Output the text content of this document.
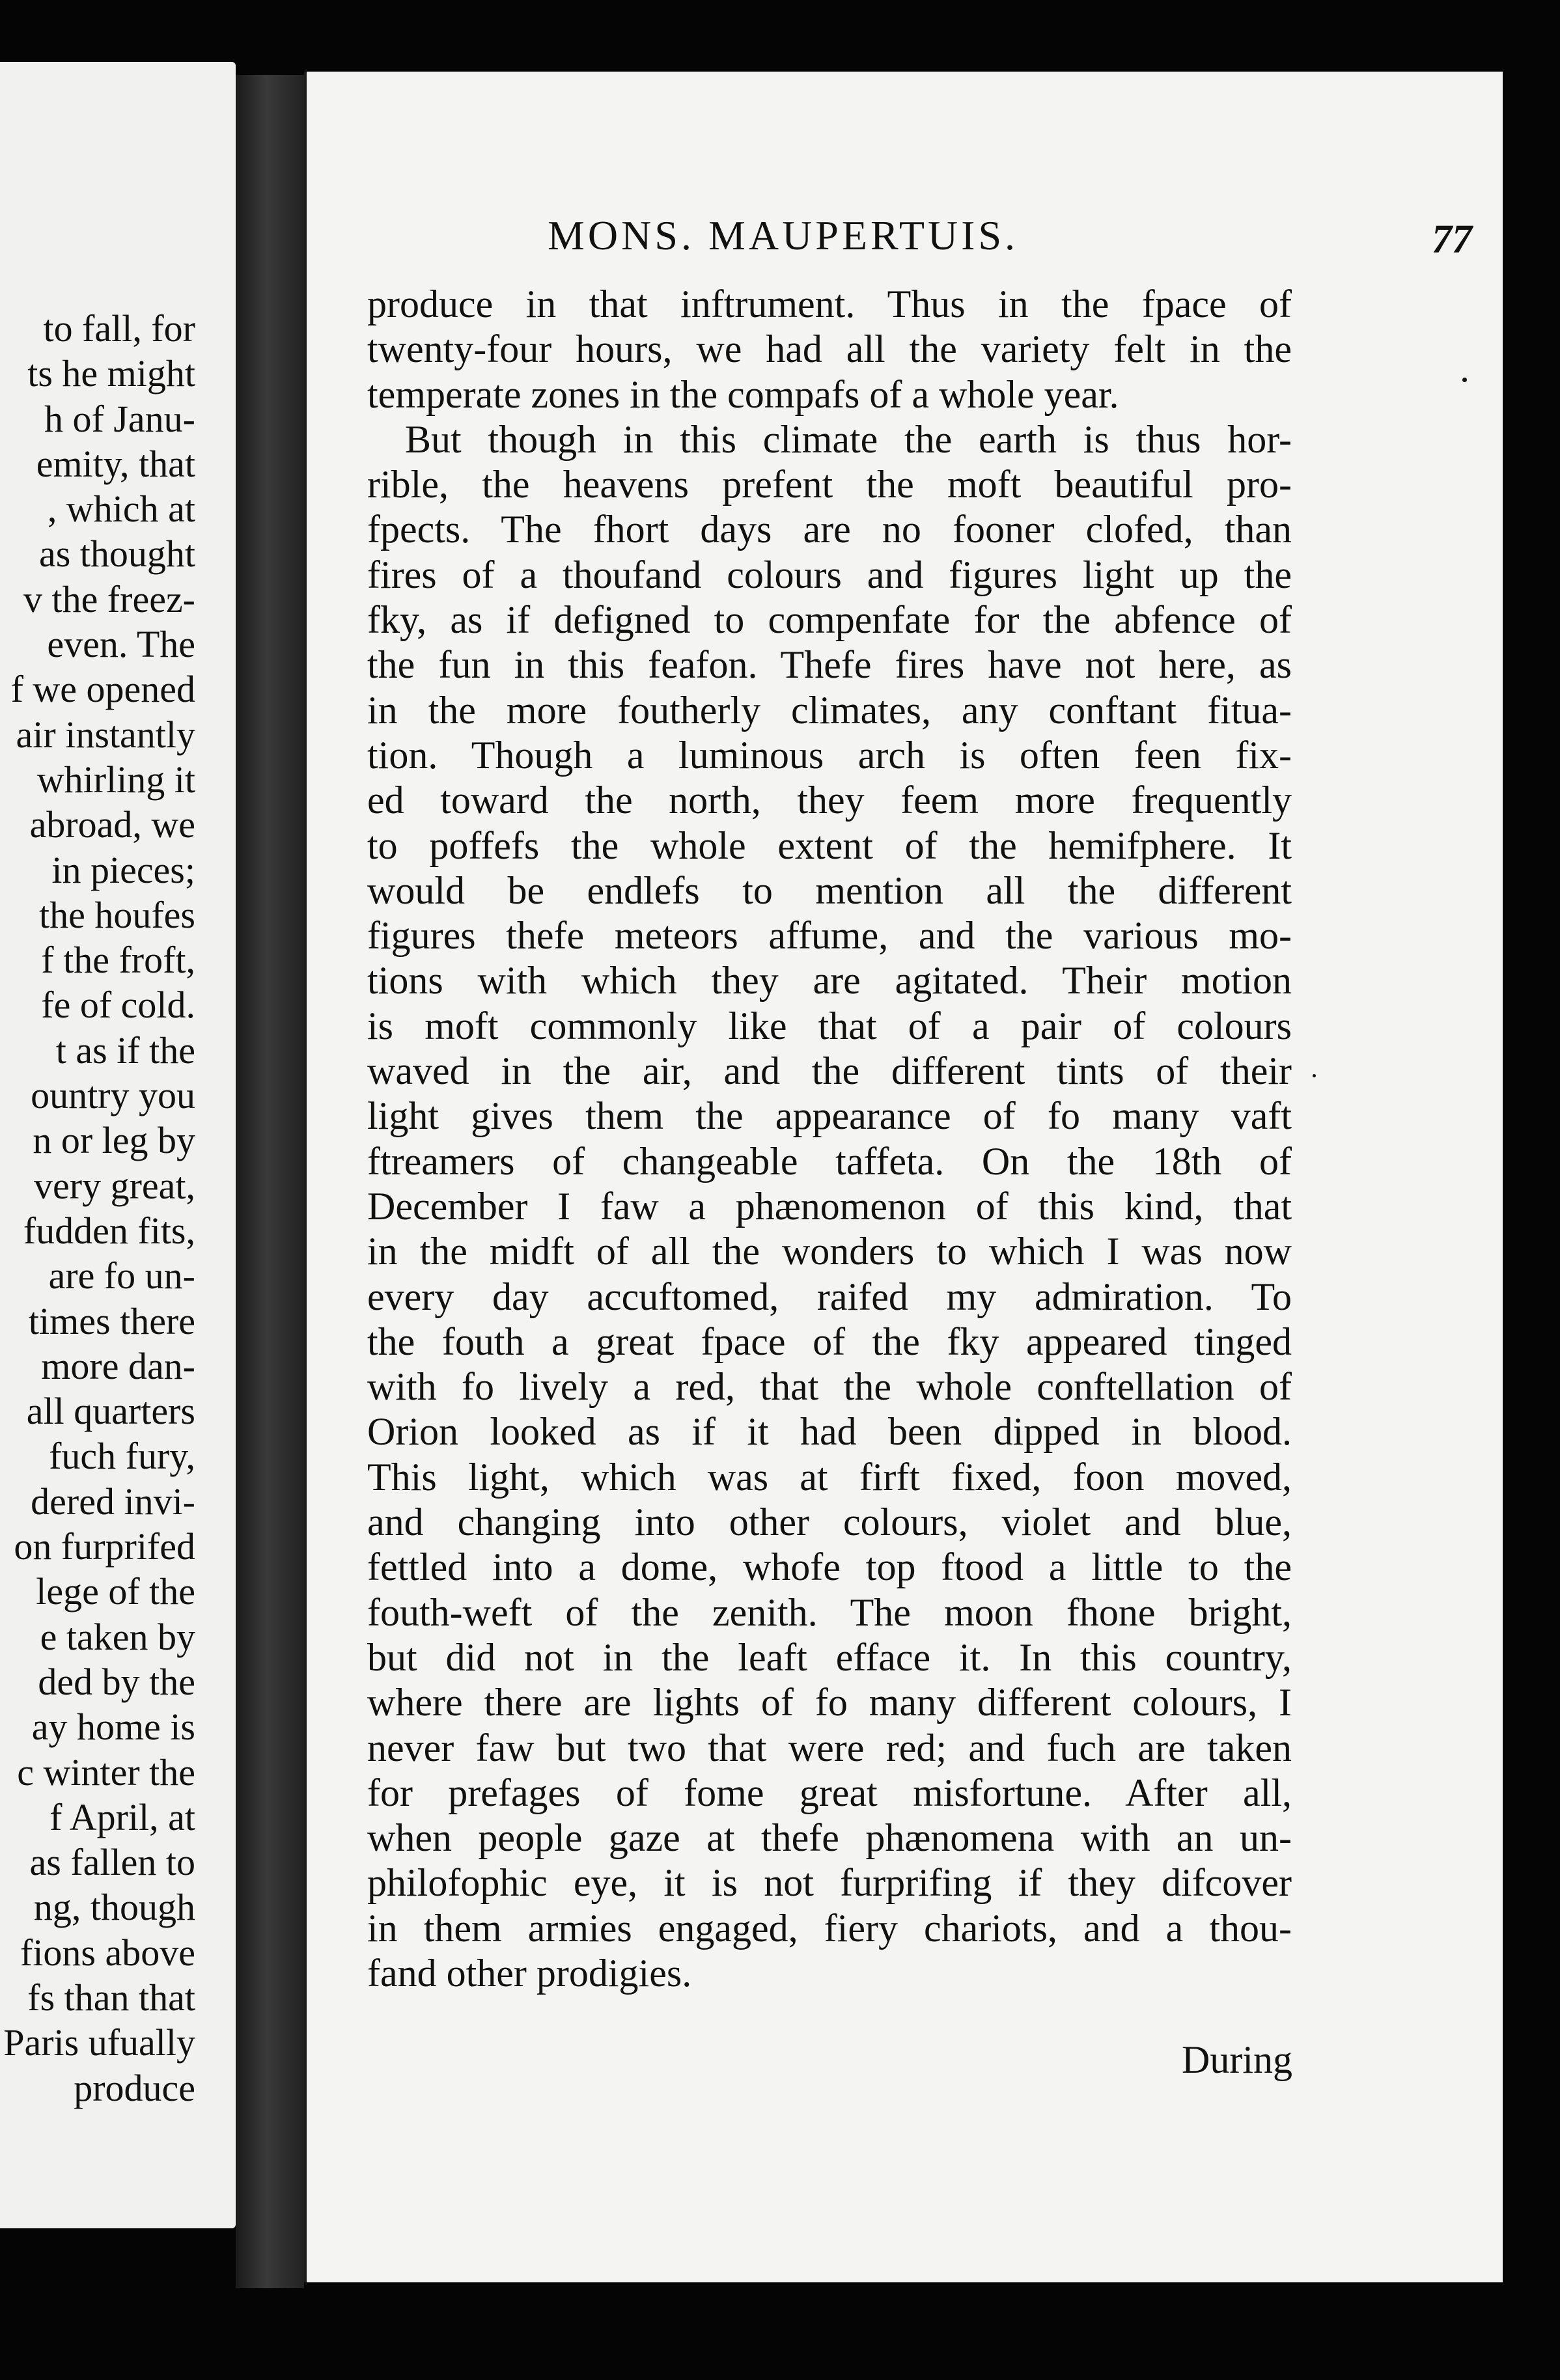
to fall, for
ts he might
h of Janu-
emity, that
, which at
as thought
v the freez-
even. The
f we opened
air instantly
whirling it
abroad, we
in pieces;
the houfes
f the froft,
fe of cold.
t as if the
ountry you
n or leg by
very great,
fudden fits,
are fo un-
times there
more dan-
all quarters
fuch fury,
dered invi-
on furprifed
lege of the
e taken by
ded by the
ay home is
c winter the
f April, at
as fallen to
ng, though
fions above
fs than that
Paris ufually
produce
MONS. MAUPERTUIS.	77
produce in that inftrument. Thus in the fpace of
twenty-four hours, we had all the variety felt in the
temperate zones in the compafs of a whole year.
But though in this climate the earth is thus hor-
rible, the heavens prefent the moft beautiful pro-
fpects. The fhort days are no fooner clofed, than
fires of a thoufand colours and figures light up the
fky, as if defigned to compenfate for the abfence of
the fun in this feafon. Thefe fires have not here, as
in the more foutherly climates, any conftant fitua-
tion. Though a luminous arch is often feen fix-
ed toward the north, they feem more frequently
to poffefs the whole extent of the hemifphere. It
would be endlefs to mention all the different
figures thefe meteors affume, and the various mo-
tions with which they are agitated. Their motion
is moft commonly like that of a pair of colours
waved in the air, and the different tints of their
light gives them the appearance of fo many vaft
ftreamers of changeable taffeta. On the 18th of
December I faw a phænomenon of this kind, that
in the midft of all the wonders to which I was now
every day accuftomed, raifed my admiration. To
the fouth a great fpace of the fky appeared tinged
with fo lively a red, that the whole conftellation of
Orion looked as if it had been dipped in blood.
This light, which was at firft fixed, foon moved,
and changing into other colours, violet and blue,
fettled into a dome, whofe top ftood a little to the
fouth-weft of the zenith. The moon fhone bright,
but did not in the leaft efface it. In this country,
where there are lights of fo many different colours, I
never faw but two that were red; and fuch are taken
for prefages of fome great misfortune. After all,
when people gaze at thefe phænomena with an un-
philofophic eye, it is not furprifing if they difcover
in them armies engaged, fiery chariots, and a thou-
fand other prodigies.
During
